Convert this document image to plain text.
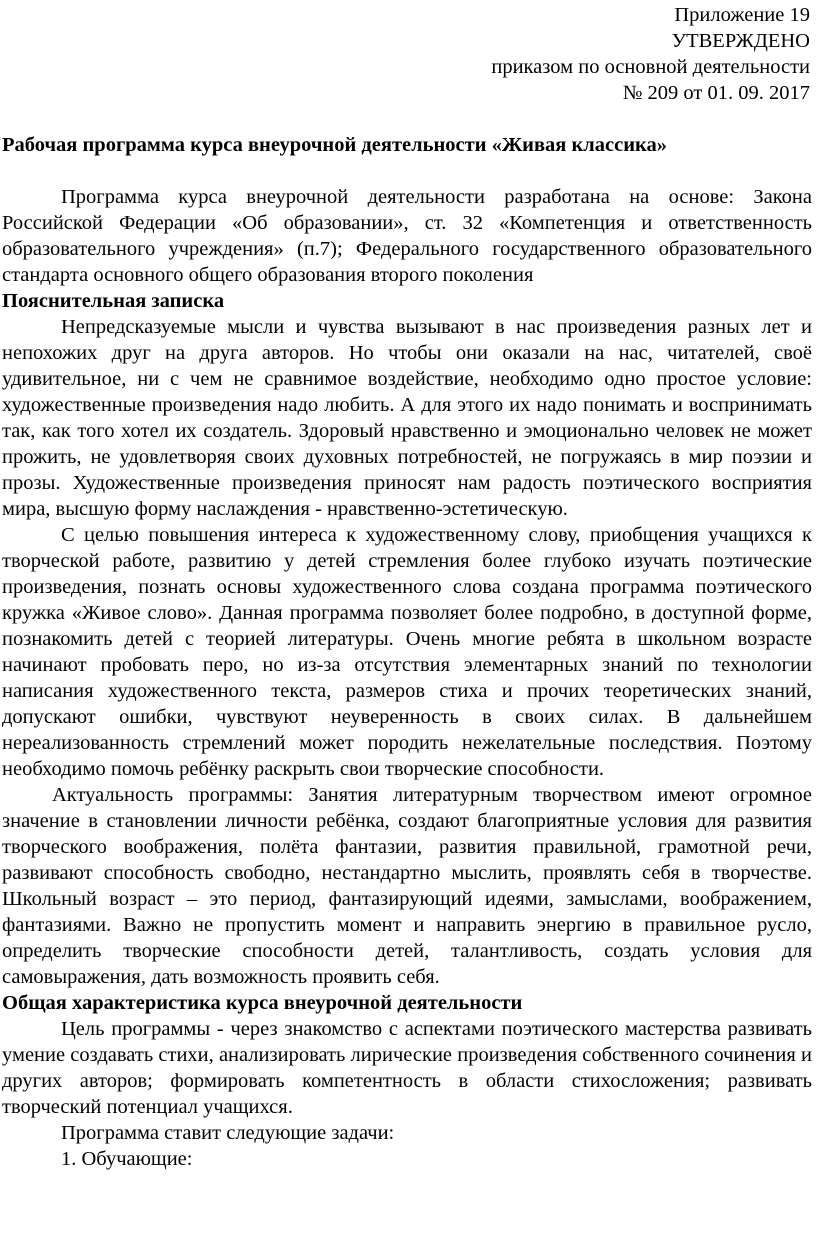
Приложение 19
УТВЕРЖДЕНО
приказом по основной деятельности
№ 209 от 01. 09. 2017
Рабочая программа курса внеурочной деятельности «Живая классика»

Программа курса внеурочной деятельности разработана на основе: Закона Российской Федерации «Об образовании», ст. 32 «Компетенция и ответственность образовательного учреждения» (п.7); Федерального государственного образовательного стандарта основного общего образования второго поколения

Пояснительная записка

Непредсказуемые мысли и чувства вызывают в нас произведения разных лет и непохожих друг на друга авторов. Но чтобы они оказали на нас, читателей, своё удивительное, ни с чем не сравнимое воздействие, необходимо одно простое условие: художественные произведения надо любить. А для этого их надо понимать и воспринимать так, как того хотел их создатель. Здоровый нравственно и эмоционально человек не может прожить, не удовлетворяя своих духовных потребностей, не погружаясь в мир поэзии и прозы. Художественные произведения приносят нам радость поэтического восприятия мира, высшую форму наслаждения - нравственно-эстетическую.

С целью повышения интереса к художественному слову, приобщения учащихся к творческой работе, развитию у детей стремления более глубоко изучать поэтические произведения, познать основы художественного слова создана программа поэтического кружка «Живое слово». Данная программа позволяет более подробно, в доступной форме, познакомить детей с теорией литературы. Очень многие ребята в школьном возрасте начинают пробовать перо, но из-за отсутствия элементарных знаний по технологии написания художественного текста, размеров стиха и прочих теоретических знаний, допускают ошибки, чувствуют неуверенность в своих силах. В дальнейшем нереализованность стремлений может породить нежелательные последствия. Поэтому необходимо помочь ребёнку раскрыть свои творческие способности.

Актуальность программы: Занятия литературным творчеством имеют огромное значение в становлении личности ребёнка, создают благоприятные условия для развития творческого воображения, полёта фантазии, развития правильной, грамотной речи, развивают способность свободно, нестандартно мыслить, проявлять себя в творчестве. Школьный возраст – это период, фантазирующий идеями, замыслами, воображением, фантазиями. Важно не пропустить момент и направить энергию в правильное русло, определить творческие способности детей, талантливость, создать условия для самовыражения, дать возможность проявить себя.

Общая характеристика курса внеурочной деятельности

Цель программы - через знакомство с аспектами поэтического мастерства развивать умение создавать стихи, анализировать лирические произведения собственного сочинения и других авторов; формировать компетентность в области стихосложения; развивать творческий потенциал учащихся.

Программа ставит следующие задачи:
1. Обучающие:
